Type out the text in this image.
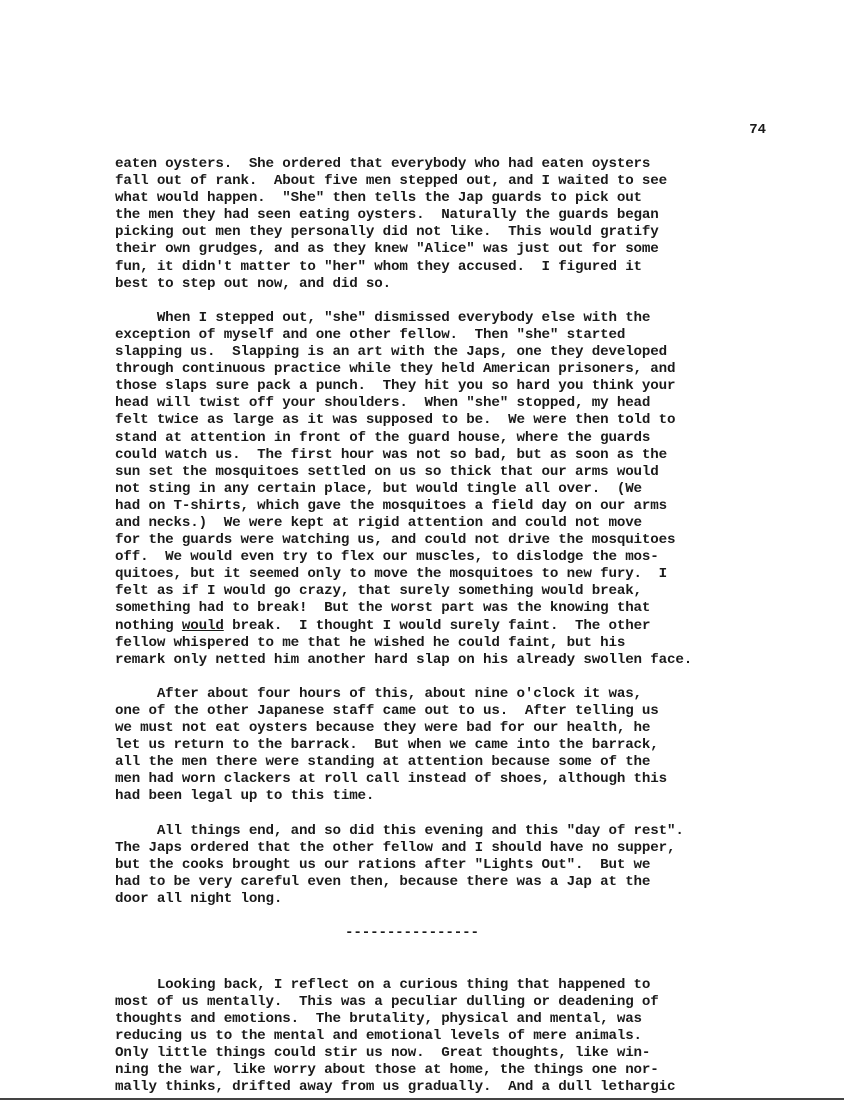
74
eaten oysters.  She ordered that everybody who had eaten oysters
fall out of rank.  About five men stepped out, and I waited to see
what would happen.  "She" then tells the Jap guards to pick out
the men they had seen eating oysters.  Naturally the guards began
picking out men they personally did not like.  This would gratify
their own grudges, and as they knew "Alice" was just out for some
fun, it didn't matter to "her" whom they accused.  I figured it
best to step out now, and did so.
When I stepped out, "she" dismissed everybody else with the
exception of myself and one other fellow.  Then "she" started
slapping us.  Slapping is an art with the Japs, one they developed
through continuous practice while they held American prisoners, and
those slaps sure pack a punch.  They hit you so hard you think your
head will twist off your shoulders.  When "she" stopped, my head
felt twice as large as it was supposed to be.  We were then told to
stand at attention in front of the guard house, where the guards
could watch us.  The first hour was not so bad, but as soon as the
sun set the mosquitoes settled on us so thick that our arms would
not sting in any certain place, but would tingle all over.  (We
had on T-shirts, which gave the mosquitoes a field day on our arms
and necks.)  We were kept at rigid attention and could not move
for the guards were watching us, and could not drive the mosquitoes
off.  We would even try to flex our muscles, to dislodge the mos-
quitoes, but it seemed only to move the mosquitoes to new fury.  I
felt as if I would go crazy, that surely something would break,
something had to break!  But the worst part was the knowing that
nothing would break.  I thought I would surely faint.  The other
fellow whispered to me that he wished he could faint, but his
remark only netted him another hard slap on his already swollen face.
After about four hours of this, about nine o'clock it was,
one of the other Japanese staff came out to us.  After telling us
we must not eat oysters because they were bad for our health, he
let us return to the barrack.  But when we came into the barrack,
all the men there were standing at attention because some of the
men had worn clackers at roll call instead of shoes, although this
had been legal up to this time.
All things end, and so did this evening and this "day of rest".
The Japs ordered that the other fellow and I should have no supper,
but the cooks brought us our rations after "Lights Out".  But we
had to be very careful even then, because there was a Jap at the
door all night long.
----------------
Looking back, I reflect on a curious thing that happened to
most of us mentally.  This was a peculiar dulling or deadening of
thoughts and emotions.  The brutality, physical and mental, was
reducing us to the mental and emotional levels of mere animals.
Only little things could stir us now.  Great thoughts, like win-
ning the war, like worry about those at home, the things one nor-
mally thinks, drifted away from us gradually.  And a dull lethargic
